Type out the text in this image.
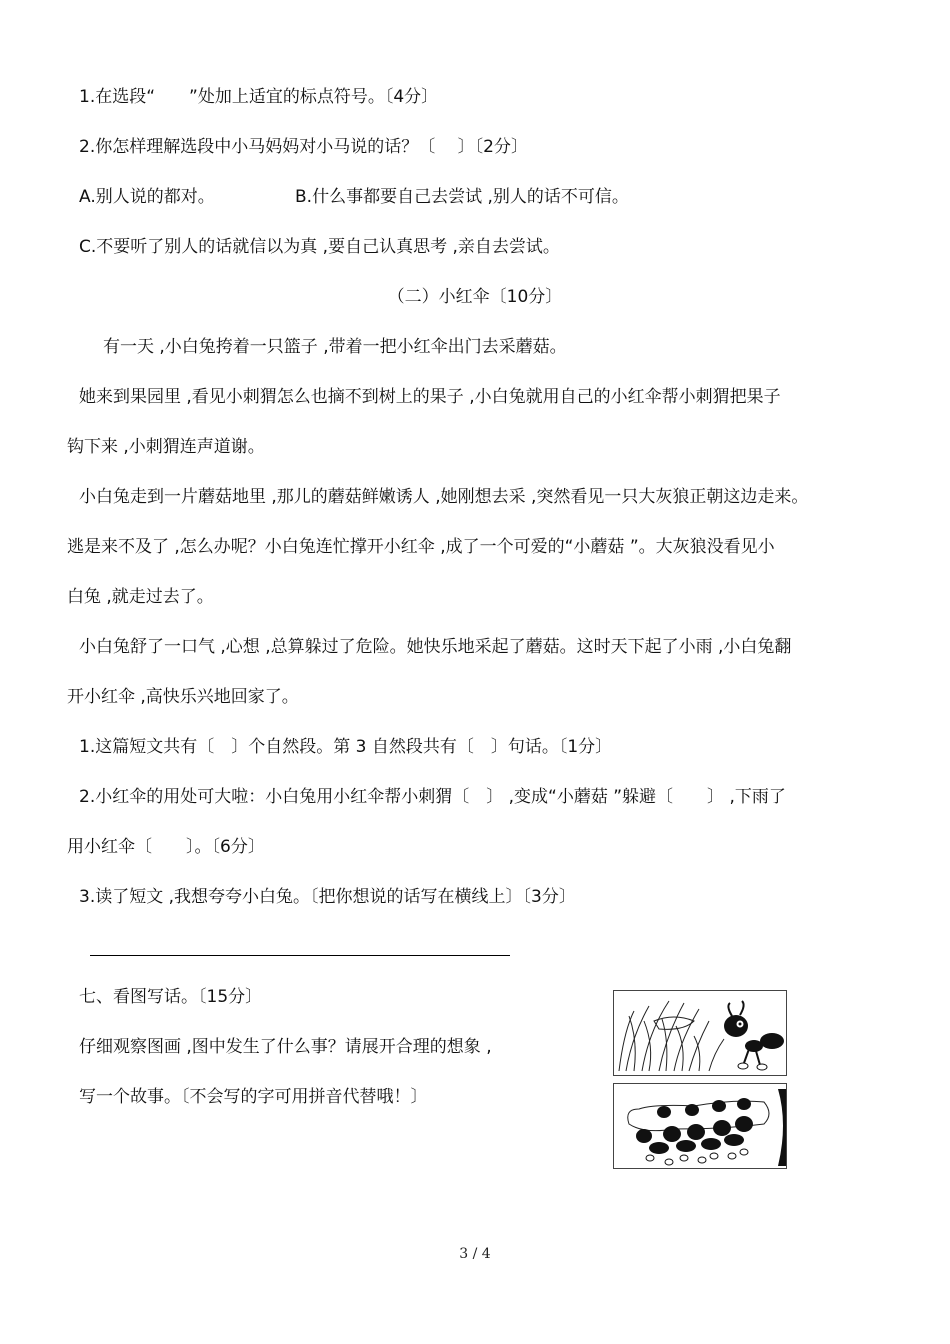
1.在选段“　　”处加上适宜的标点符号。〔4分〕
2.你怎样理解选段中小马妈妈对小马说的话？〔　 〕〔2分〕
A.别人说的都对。	B.什么事都要自己去尝试 ,别人的话不可信。
C.不要听了别人的话就信以为真 ,要自己认真思考 ,亲自去尝试。
（二）小红伞〔10分〕
有一天 ,小白兔挎着一只篮子 ,带着一把小红伞出门去采蘑菇。
她来到果园里 ,看见小刺猬怎么也摘不到树上的果子 ,小白兔就用自己的小红伞帮小刺猬把果子
钩下来 ,小刺猬连声道谢。
小白兔走到一片蘑菇地里 ,那儿的蘑菇鲜嫩诱人 ,她刚想去采 ,突然看见一只大灰狼正朝这边走来。
逃是来不及了 ,怎么办呢？小白兔连忙撑开小红伞 ,成了一个可爱的“小蘑菇 ”。大灰狼没看见小
白兔 ,就走过去了。
小白兔舒了一口气 ,心想 ,总算躲过了危险。她快乐地采起了蘑菇。这时天下起了小雨 ,小白兔翻
开小红伞 ,高快乐兴地回家了。
1.这篇短文共有〔　〕个自然段。第 3 自然段共有〔　〕句话。〔1分〕
2.小红伞的用处可大啦：小白兔用小红伞帮小刺猬〔　〕 ,变成“小蘑菇 ”躲避〔　　〕 ,下雨了
用小红伞〔　　〕。〔6分〕
3.读了短文 ,我想夸夸小白兔。〔把你想说的话写在横线上〕〔3分〕
七、看图写话。〔15分〕
仔细观察图画 ,图中发生了什么事？请展开合理的想象 ,
写一个故事。〔不会写的字可用拼音代替哦！〕
3 / 4
